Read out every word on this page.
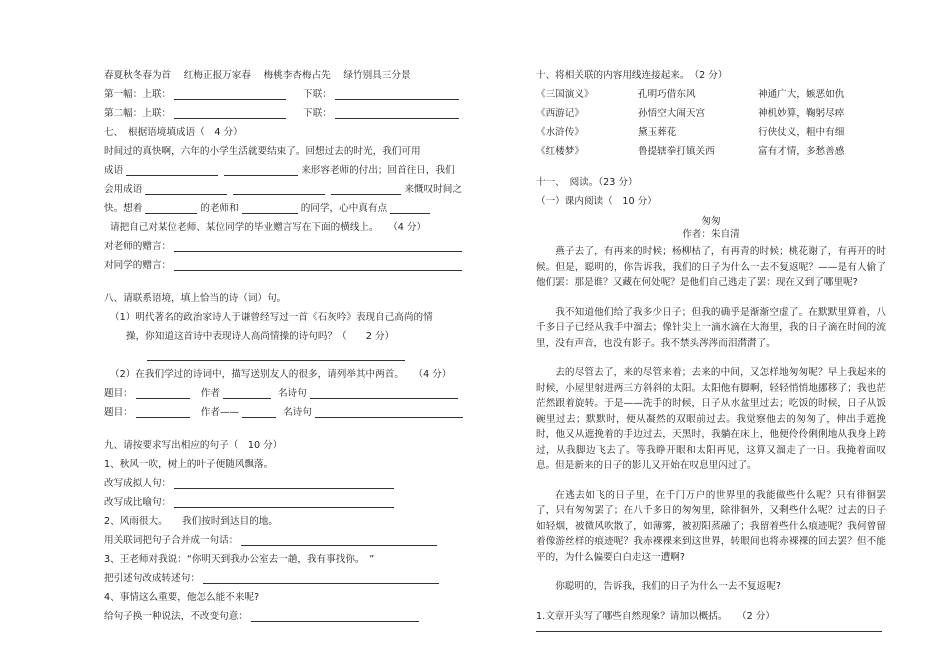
春夏秋冬春为首　 红梅正报万家春　 梅桃李杏梅占先　 绿竹别具三分景
第一幅：上联：	下联：
第二幅：上联：	下联：
七、　根据语境填成语（　4 分）
时间过的真快啊，六年的小学生活就要结束了。回想过去的时光，我们可用
成语	来形容老师的付出；回首往日，我们
会用成语	来慨叹时间之
快。想着	的老师和	的同学，心中真有点
请把自己对某位老师、某位同学的毕业赠言写在下面的横线上。　　（4 分）
对老师的赠言：
对同学的赠言：
八、请联系语境，填上恰当的诗（词）句。
（1）明代著名的政治家诗人于谦曾经写过一首《石灰吟》表现自己高尚的情
操，你知道这首诗中表现诗人高尚情操的诗句吗？（　　2 分）
（2）在我们学过的诗词中，描写送别友人的很多，请列举其中两首。　　（4 分）
题目：	作者	名诗句
题目：	作者——	名诗句
九、请按要求写出相应的句子（　10 分）
1、秋风一吹，树上的叶子便随风飘落。
改写成拟人句：
改写成比喻句：
2、风雨很大。　　我们按时到达目的地。
用关联词把句子合并成一句话：
3、王老师对我说：“你明天到我办公室去一趟，我有事找你。　”
把引述句改成转述句：
4、事情这么重要，他怎么能不来呢?
给句子换一种说法，不改变句意：
十、将相关联的内容用线连接起来。　（2 分）
《三国演义》	孔明巧借东风	神通广大，嫉恶如仇
《西游记》	孙悟空大闹天宫	神机妙算，鞠躬尽瘁
《水浒传》	黛玉葬花	行侠仗义，粗中有细
《红楼梦》	鲁提辖拳打镇关西	富有才情，多愁善感
十一、　阅读。（23 分）
（一）课内阅读（　10 分）
匆匆
作者：朱自清

燕子去了，有再来的时候；杨柳枯了，有再青的时候；桃花谢了，有再开的时候。但是，聪明的，你告诉我，我们的日子为什么一去不复返呢？——是有人偷了他们罢：那是谁？又藏在何处呢？是他们自己逃走了罢：现在又到了哪里呢?

我不知道他们给了我多少日子；但我的确乎是渐渐空虚了。在默默里算着，八千多日子已经从我手中溜去；像针尖上一滴水滴在大海里，我的日子滴在时间的流里，没有声音，也没有影子。我不禁头涔涔而泪潸潸了。

去的尽管去了，来的尽管来着；去来的中间，又怎样地匆匆呢？早上我起来的时候，小屋里射进两三方斜斜的太阳。太阳他有脚啊，轻轻悄悄地挪移了；我也茫茫然跟着旋转。于是——洗手的时候，日子从水盆里过去；吃饭的时候，日子从饭碗里过去；默默时，便从凝然的双眼前过去。我觉察他去的匆匆了，伸出手遮挽时，他又从遮挽着的手边过去，天黑时，我躺在床上，他便伶伶俐俐地从我身上跨过，从我脚边飞去了。等我睁开眼和太阳再见，这算又溜走了一日。我掩着面叹息。但是新来的日子的影儿又开始在叹息里闪过了。

在逃去如飞的日子里，在千门万户的世界里的我能做些什么呢？只有徘徊罢了，只有匆匆罢了；在八千多日的匆匆里，除徘徊外，又剩些什么呢？过去的日子如轻烟，被微风吹散了，如薄雾，被初阳蒸融了；我留着些什么痕迹呢？我何曾留着像游丝样的痕迹呢？我赤裸裸来到这世界，转眼间也将赤裸裸的回去罢？但不能平的，为什么偏要白白走这一遭啊?

你聪明的，告诉我，我们的日子为什么一去不复返呢?

1.文章开头写了哪些自然现象？请加以概括。　　（2 分）
